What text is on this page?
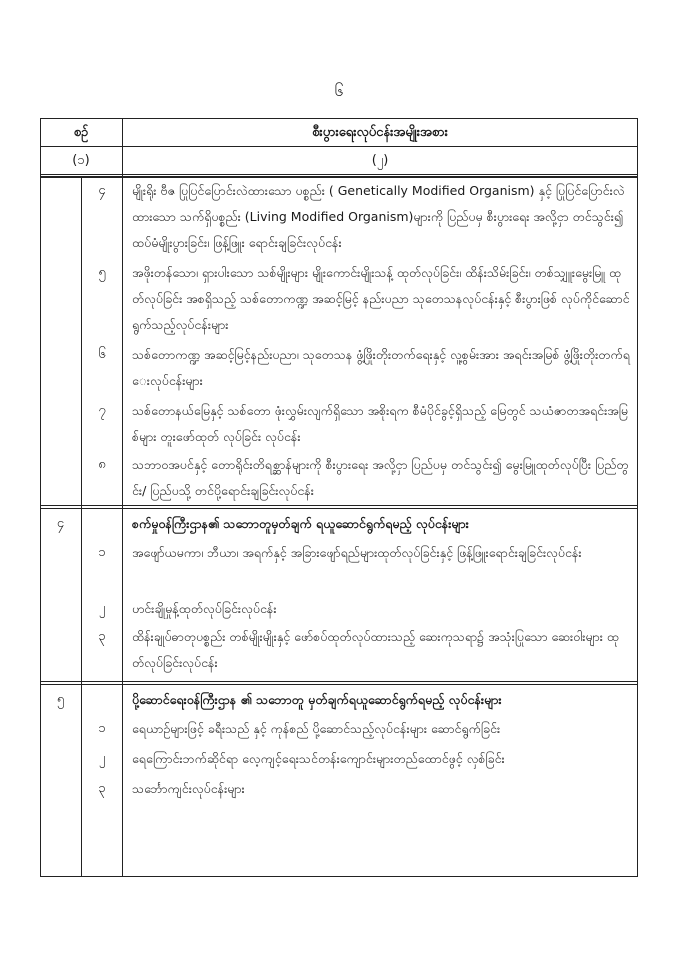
၆
စဉ်	စီးပွားရေးလုပ်ငန်းအမျိုးအစား
(၁)	(၂)
၄	မျိုးရိုး ဗီဇ ပြုပြင်ပြောင်းလဲထားသော ပစ္စည်း ( Genetically Modified Organism) နှင့် ပြုပြင်ပြောင်းလဲထားသော သက်ရှိပစ္စည်း (Living Modified Organism)များကို ပြည်ပမှ စီးပွားရေး အလို့ငှာ တင်သွင်း၍ ထပ်မံမျိုးပွားခြင်း၊ ဖြန့်ဖြူး ရောင်းချခြင်းလုပ်ငန်း
၅	အဖိုးတန်သော၊ ရှားပါးသော သစ်မျိုးများ မျိုးကောင်းမျိုးသန့် ထုတ်လုပ်ခြင်း၊ ထိန်းသိမ်းခြင်း၊ တစ်သျှူးမွေးမြူ ထုတ်လုပ်ခြင်း အစရှိသည့် သစ်တောကဏ္ဍ အဆင့်မြင့် နည်းပညာ သုတေသနလုပ်ငန်းနှင့် စီးပွားဖြစ် လုပ်ကိုင်ဆောင်ရွက်သည့်လုပ်ငန်းများ
၆	သစ်တောကဏ္ဍ အဆင့်မြင့်နည်းပညာ၊ သုတေသန ဖွံ့ဖြိုးတိုးတက်ရေးနှင့် လူ့စွမ်းအား အရင်းအမြစ် ဖွံ့ဖြိုးတိုးတက်ရေးလုပ်ငန်းများ
၇	သစ်တောနယ်မြေနှင့် သစ်တော ဖုံးလွှမ်းလျက်ရှိသော အစိုးရက စီမံပိုင်ခွင့်ရှိသည့် မြေတွင် သယံဇာတအရင်းအမြစ်များ တူးဖော်ထုတ် လုပ်ခြင်း လုပ်ငန်း
၈	သဘာဝအပင်နှင့် တောရိုင်းတိရစ္ဆာန်များကို စီးပွားရေး အလို့ငှာ ပြည်ပမှ တင်သွင်း၍ မွေးမြူထုတ်လုပ်ပြီး ပြည်တွင်း/ ပြည်ပသို့ တင်ပို့ရောင်းချခြင်းလုပ်ငန်း
၄	စက်မှုဝန်ကြီးဌာန၏ သဘောတူမှတ်ချက် ရယူဆောင်ရွက်ရမည့် လုပ်ငန်းများ
၁	အဖျော်ယမကာ၊ ဘီယာ၊ အရက်နှင့် အခြားဖျော်ရည်များထုတ်လုပ်ခြင်းနှင့် ဖြန့်ဖြူးရောင်းချခြင်းလုပ်ငန်း
၂	ဟင်းချိုမှုန့်ထုတ်လုပ်ခြင်းလုပ်ငန်း
၃	ထိန်းချုပ်ဓာတုပစ္စည်း တစ်မျိုးမျိုးနှင့် ဖော်စပ်ထုတ်လုပ်ထားသည့် ဆေးကုသရာ၌ အသုံးပြုသော ဆေးဝါးများ ထုတ်လုပ်ခြင်းလုပ်ငန်း
၅	ပို့ဆောင်ရေးဝန်ကြီးဌာန ၏ သဘောတူ မှတ်ချက်ရယူဆောင်ရွက်ရမည့် လုပ်ငန်းများ
၁	ရေယာဉ်များဖြင့် ခရီးသည် နှင့် ကုန်စည် ပို့ဆောင်သည့်လုပ်ငန်းများ ဆောင်ရွက်ခြင်း
၂	ရေကြောင်းဘက်ဆိုင်ရာ လေ့ကျင့်ရေးသင်တန်းကျောင်းများတည်ထောင်ဖွင့် လှစ်ခြင်း
၃	သင်္ဘောကျင်းလုပ်ငန်းများ
